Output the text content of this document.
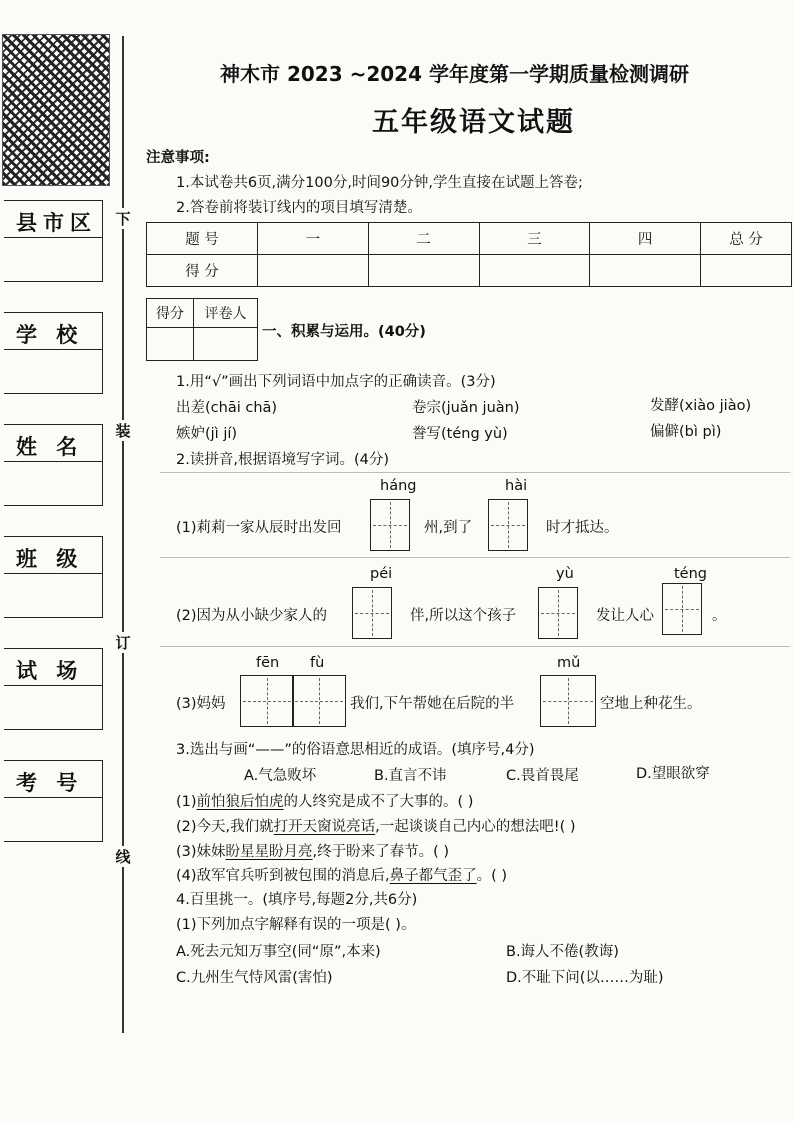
县市区
学 校
姓 名
班 级
试 场
考 号
下
装
订
线
神木市 2023 ~2024 学年度第一学期质量检测调研
五年级语文试题
注意事项:
1.本试卷共6页,满分100分,时间90分钟,学生直接在试题上答卷;
2.答卷前将装订线内的项目填写清楚。
题 号	一	二	三	四	总 分
得 分					
得分	评卷人

一、积累与运用。(40分)
1.用“√”画出下列词语中加点字的正确读音。(3分)
出差(chāi chā)	卷宗(juǎn juàn)	发酵(xiào jiào)
嫉妒(jì jí)	誊写(téng yù)	偏僻(bì pì)
2.读拼音,根据语境写字词。(4分)
háng	hài
(1)莉莉一家从辰时出发回	州,到了	时才抵达。
péi	yù	téng
(2)因为从小缺少家人的	伴,所以这个孩子	发让人心	。
fēn fù	mǔ
(3)妈妈	我们,下午帮她在后院的半	空地上种花生。
3.选出与画“——”的俗语意思相近的成语。(填序号,4分)
A.气急败坏	B.直言不讳	C.畏首畏尾	D.望眼欲穿
(1)前怕狼后怕虎的人终究是成不了大事的。( )
(2)今天,我们就打开天窗说亮话,一起谈谈自己内心的想法吧!( )
(3)妹妹盼星星盼月亮,终于盼来了春节。( )
(4)敌军官兵听到被包围的消息后,鼻子都气歪了。( )
4.百里挑一。(填序号,每题2分,共6分)
(1)下列加点字解释有误的一项是( )。
A.死去元知万事空(同“原”,本来)	B.诲人不倦(教诲)
C.九州生气恃风雷(害怕)	D.不耻下问(以……为耻)
